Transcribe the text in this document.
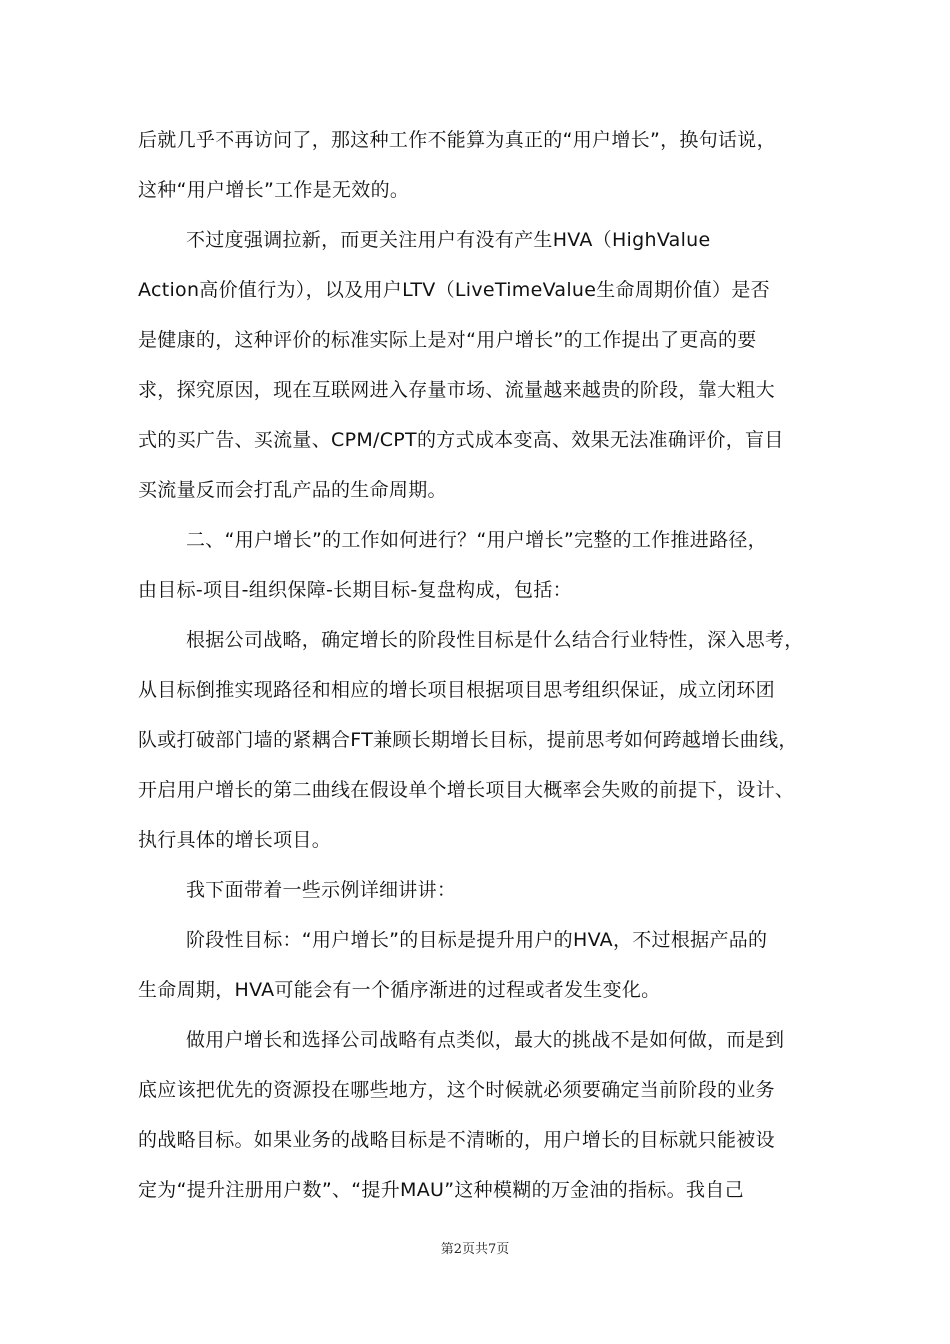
后就几乎不再访问了，那这种工作不能算为真正的“用户增长”，换句话说，
这种“用户增长”工作是无效的。
不过度强调拉新，而更关注用户有没有产生HVA（HighValue
Action高价值行为），以及用户LTV（LiveTimeValue生命周期价值）是否
是健康的，这种评价的标准实际上是对“用户增长”的工作提出了更高的要
求，探究原因，现在互联网进入存量市场、流量越来越贵的阶段，靠大粗大
式的买广告、买流量、CPM/CPT的方式成本变高、效果无法准确评价，盲目
买流量反而会打乱产品的生命周期。
二、“用户增长”的工作如何进行？“用户增长”完整的工作推进路径，
由目标-项目-组织保障-长期目标-复盘构成，包括：
根据公司战略，确定增长的阶段性目标是什么结合行业特性，深入思考，
从目标倒推实现路径和相应的增长项目根据项目思考组织保证，成立闭环团
队或打破部门墙的紧耦合FT兼顾长期增长目标，提前思考如何跨越增长曲线，
开启用户增长的第二曲线在假设单个增长项目大概率会失败的前提下，设计、
执行具体的增长项目。
我下面带着一些示例详细讲讲：
阶段性目标：“用户增长”的目标是提升用户的HVA，不过根据产品的
生命周期，HVA可能会有一个循序渐进的过程或者发生变化。
做用户增长和选择公司战略有点类似，最大的挑战不是如何做，而是到
底应该把优先的资源投在哪些地方，这个时候就必须要确定当前阶段的业务
的战略目标。如果业务的战略目标是不清晰的，用户增长的目标就只能被设
定为“提升注册用户数”、“提升MAU”这种模糊的万金油的指标。我自己
第2页共7页
